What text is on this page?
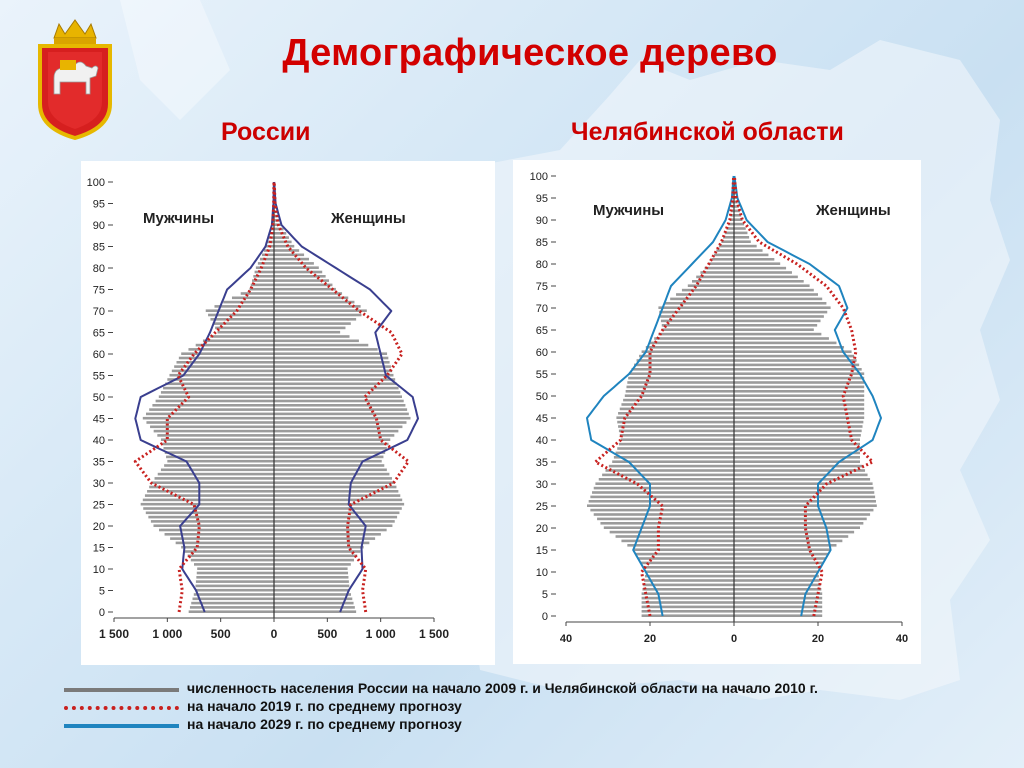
Демографическое дерево
России	Челябинской области
0
5
10
15
20
25
30
35
40
45
50
55
60
65
70
75
80
85
90
95
100
1 500 1 000 500	0	500 1 000 1 500
Мужчины	Женщины
0
5
10
15
20
25
30
35
40
45
50
55
60
65
70
75
80
85
90
95
100
40	20	0	20	40
Мужчины	Женщины
численность населения России на начало 2009 г. и Челябинской области на начало 2010 г.
на начало 2019 г. по среднему прогнозу
на начало 2029 г. по среднему прогнозу
